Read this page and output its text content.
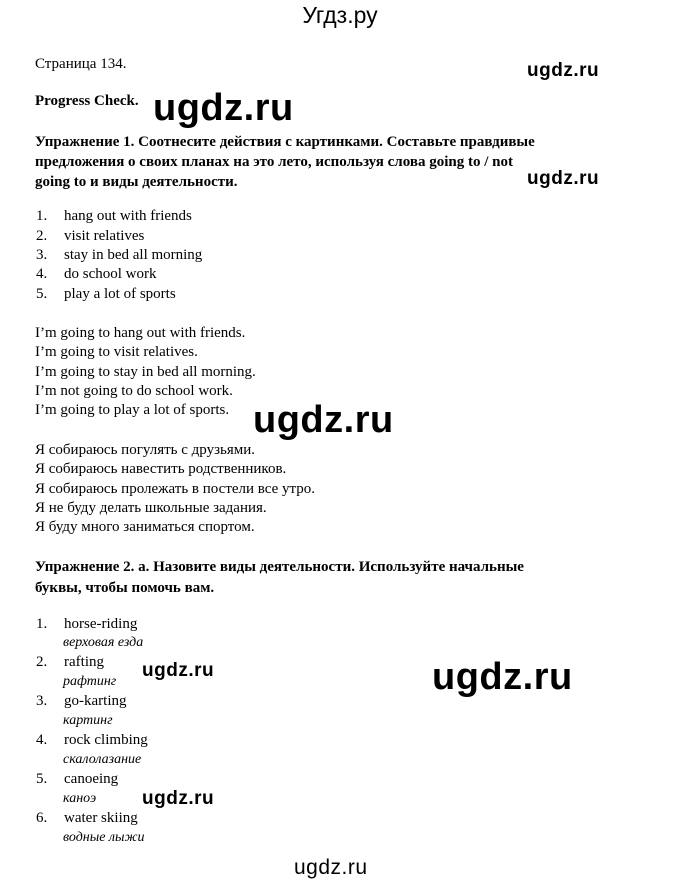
Угдз.ру
Страница 134.
Progress Check.
Упражнение 1. Соотнесите действия с картинками. Составьте правдивые
предложения о своих планах на это лето, используя слова going to / not
going to и виды деятельности.
1. hang out with friends
2. visit relatives
3. stay in bed all morning
4. do school work
5. play a lot of sports
I’m going to hang out with friends.
I’m going to visit relatives.
I’m going to stay in bed all morning.
I’m not going to do school work.
I’m going to play a lot of sports.
Я собираюсь погулять с друзьями.
Я собираюсь навестить родственников.
Я собираюсь пролежать в постели все утро.
Я не буду делать школьные задания.
Я буду много заниматься спортом.
Упражнение 2. а. Назовите виды деятельности. Используйте начальные
буквы, чтобы помочь вам.
1. horse-riding
верховая езда
2. rafting
рафтинг
3. go-karting
картинг
4. rock climbing
скалолазание
5. canoeing
каноэ
6. water skiing
водные лыжи
ugdz.ru
ugdz.ru
ugdz.ru
ugdz.ru
ugdz.ru	ugdz.ru
ugdz.ru
ugdz.ru
